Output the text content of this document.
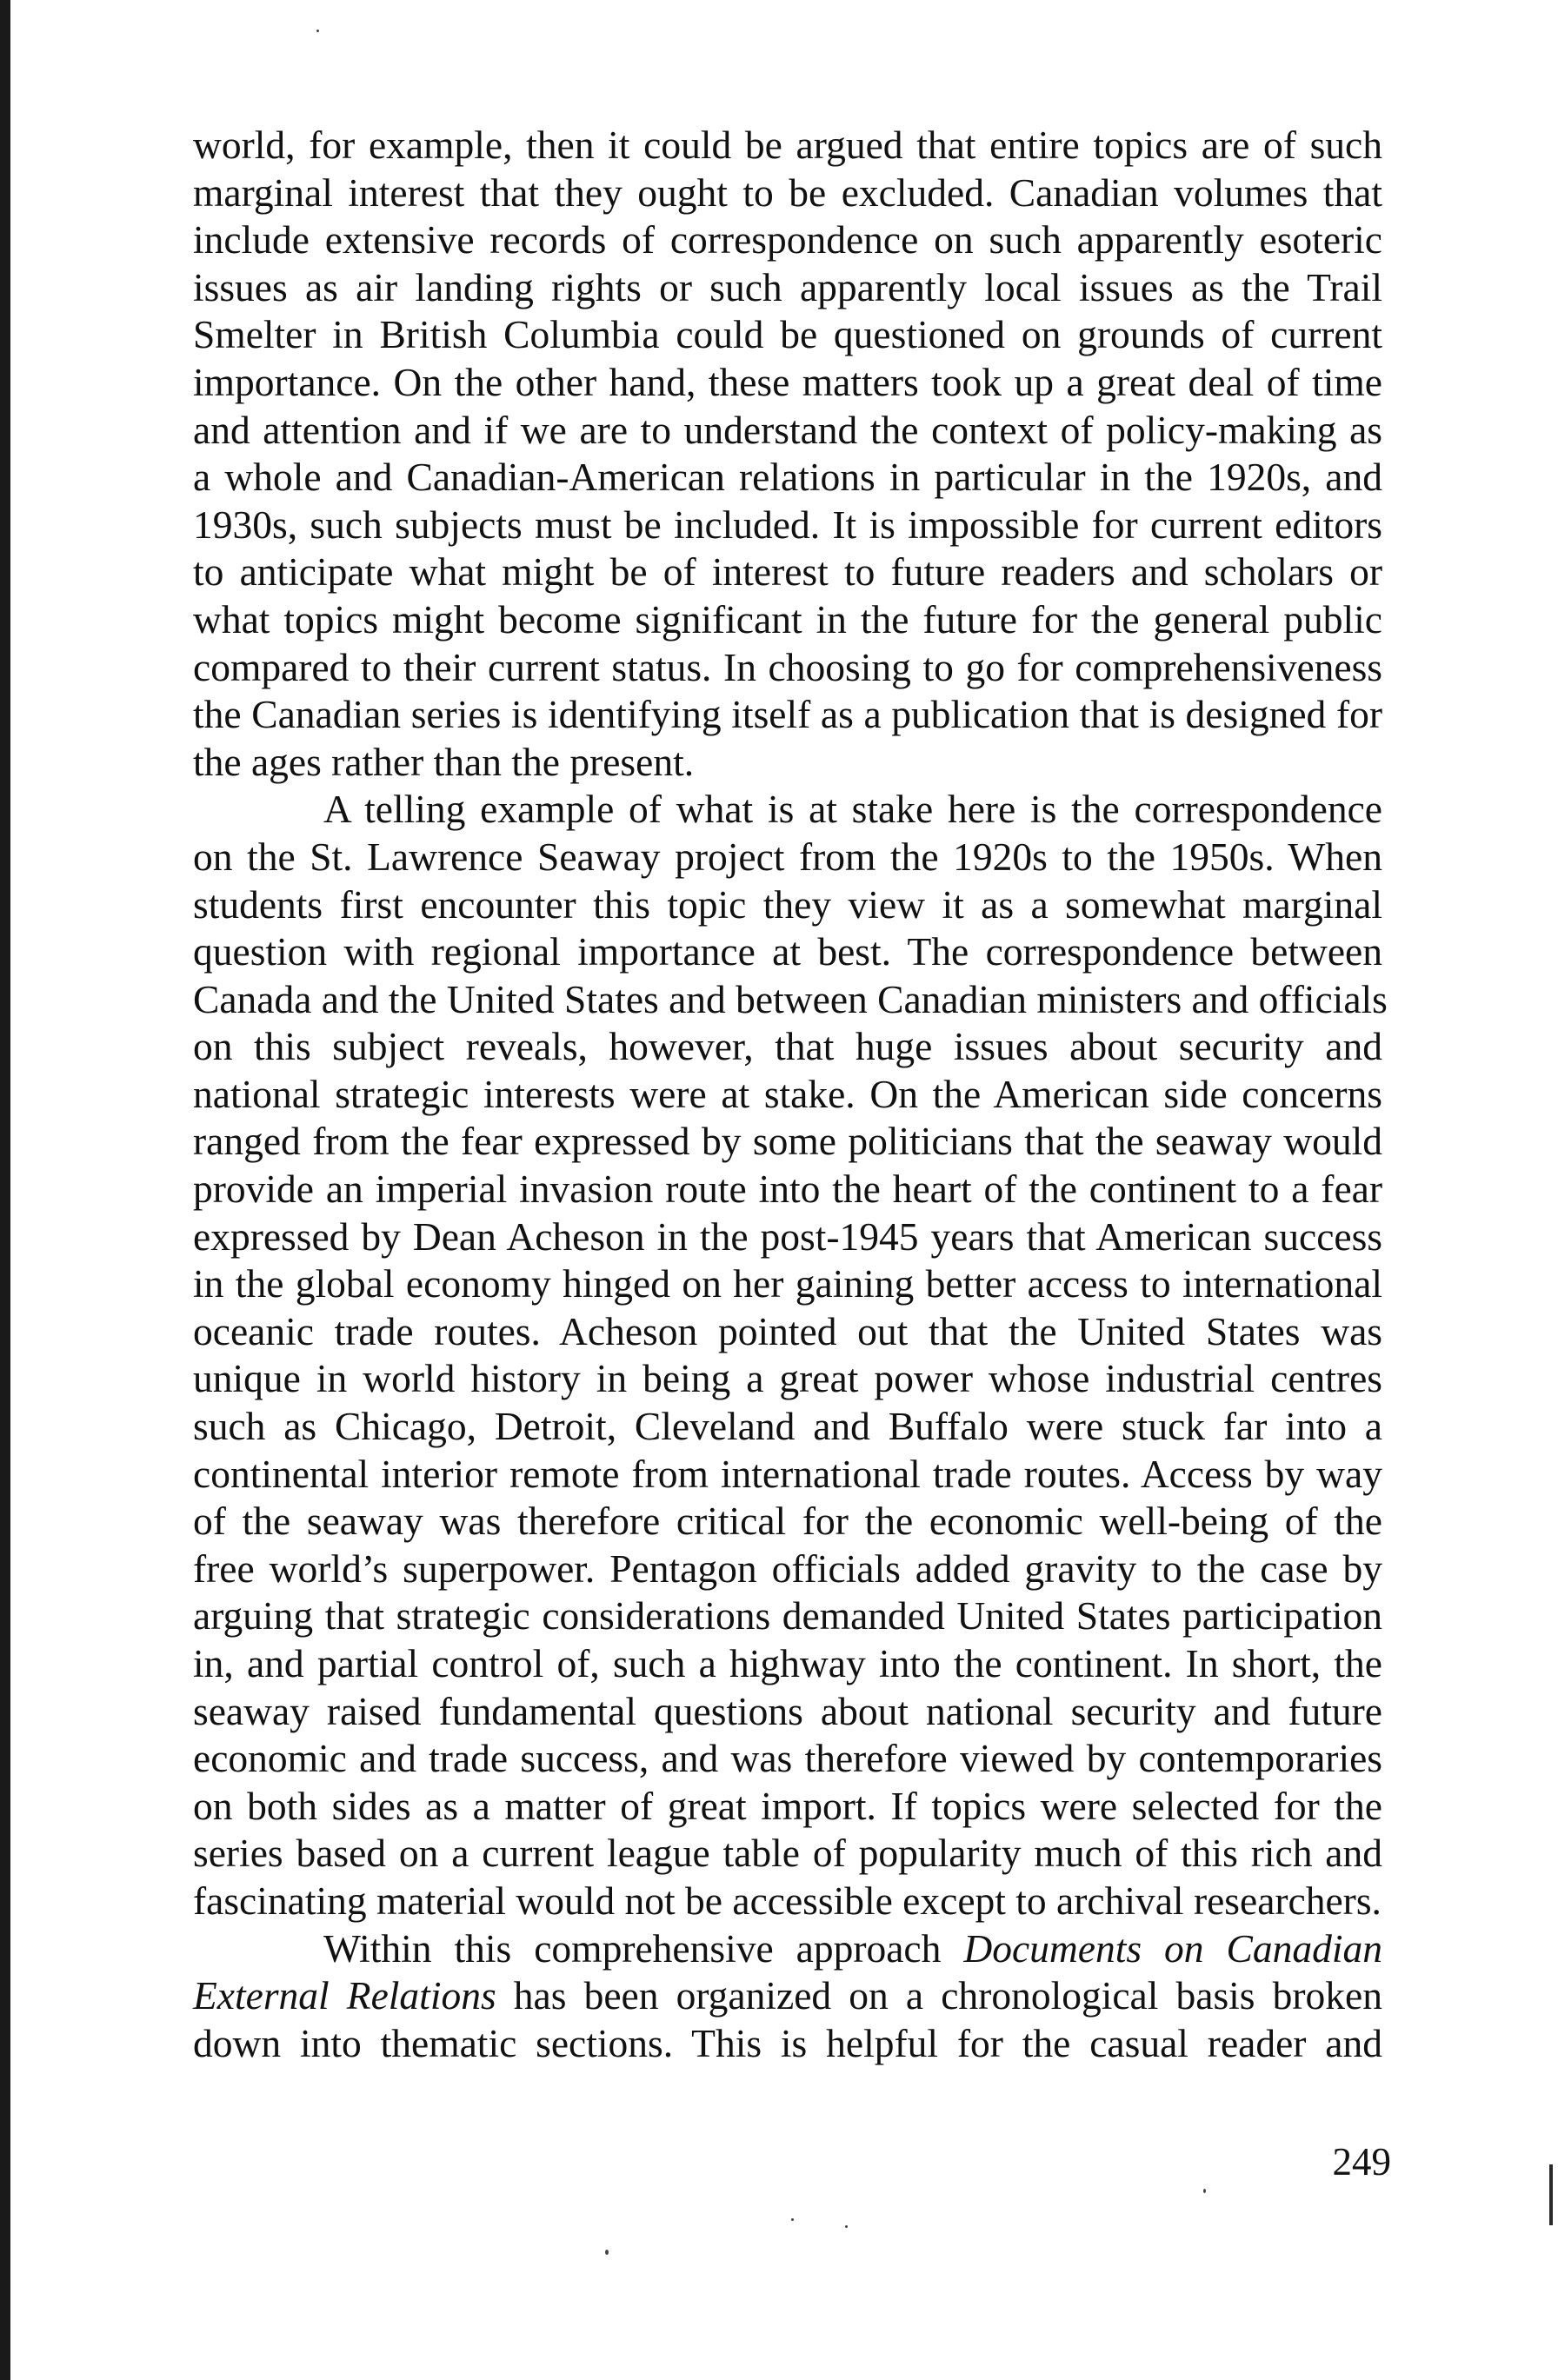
world, for example, then it could be argued that entire topics are of such
marginal interest that they ought to be excluded. Canadian volumes that
include extensive records of correspondence on such apparently esoteric
issues as air landing rights or such apparently local issues as the Trail
Smelter in British Columbia could be questioned on grounds of current
importance. On the other hand, these matters took up a great deal of time
and attention and if we are to understand the context of policy-making as
a whole and Canadian-American relations in particular in the 1920s, and
1930s, such subjects must be included. It is impossible for current editors
to anticipate what might be of interest to future readers and scholars or
what topics might become significant in the future for the general public
compared to their current status. In choosing to go for comprehensiveness
the Canadian series is identifying itself as a publication that is designed for
the ages rather than the present.
A telling example of what is at stake here is the correspondence
on the St. Lawrence Seaway project from the 1920s to the 1950s. When
students first encounter this topic they view it as a somewhat marginal
question with regional importance at best. The correspondence between
Canada and the United States and between Canadian ministers and officials
on this subject reveals, however, that huge issues about security and
national strategic interests were at stake. On the American side concerns
ranged from the fear expressed by some politicians that the seaway would
provide an imperial invasion route into the heart of the continent to a fear
expressed by Dean Acheson in the post-1945 years that American success
in the global economy hinged on her gaining better access to international
oceanic trade routes. Acheson pointed out that the United States was
unique in world history in being a great power whose industrial centres
such as Chicago, Detroit, Cleveland and Buffalo were stuck far into a
continental interior remote from international trade routes. Access by way
of the seaway was therefore critical for the economic well-being of the
free world’s superpower. Pentagon officials added gravity to the case by
arguing that strategic considerations demanded United States participation
in, and partial control of, such a highway into the continent. In short, the
seaway raised fundamental questions about national security and future
economic and trade success, and was therefore viewed by contemporaries
on both sides as a matter of great import. If topics were selected for the
series based on a current league table of popularity much of this rich and
fascinating material would not be accessible except to archival researchers.
Within this comprehensive approach Documents on Canadian
External Relations has been organized on a chronological basis broken
down into thematic sections. This is helpful for the casual reader and
249
